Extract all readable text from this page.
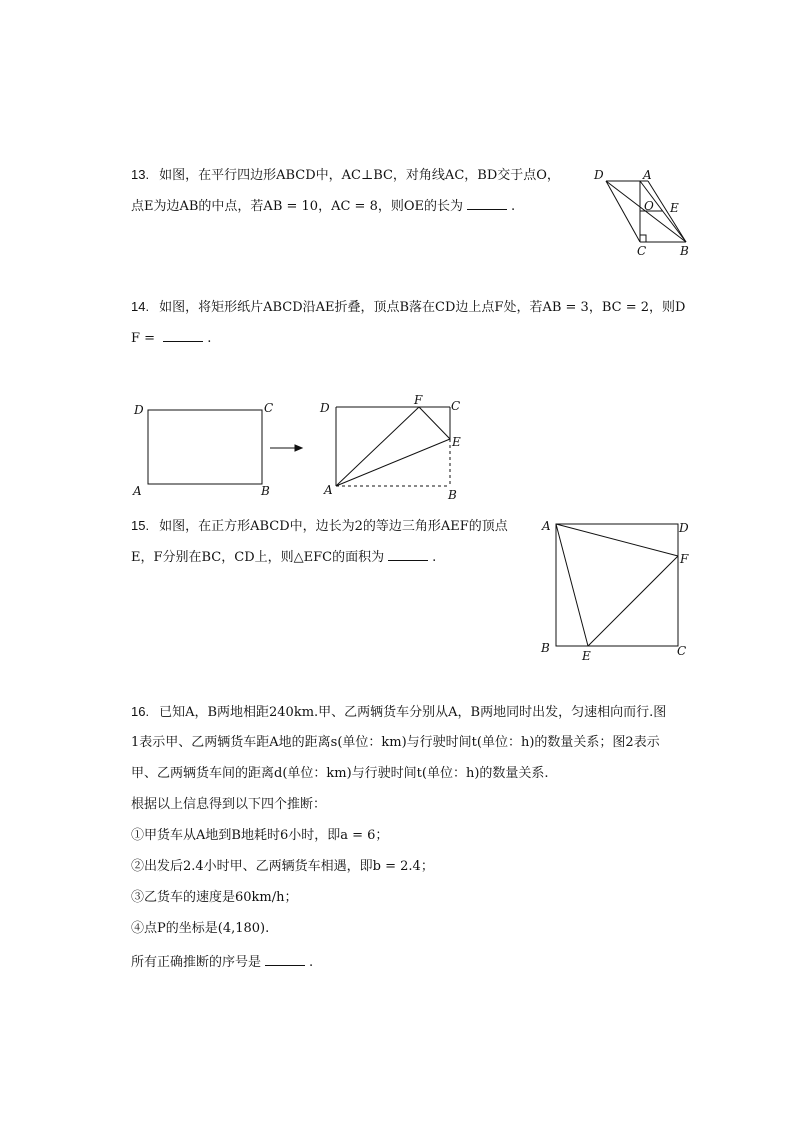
13. 如图，在平行四边形ABCD中，AC⊥BC，对角线AC，BD交于点O，
点E为边AB的中点，若AB = 10，AC = 8，则OE的长为	.
D	A
O E
C	B
14. 如图，将矩形纸片ABCD沿AE折叠，顶点B落在CD边上点F处，若AB = 3，BC = 2，则D
F =	.
D	C
A	B
D
F C
E
A	B
15. 如图，在正方形ABCD中，边长为2的等边三角形AEF的顶点
E，F分别在BC，CD上，则△EFC的面积为	.
A	D
F
B
E	C
16. 已知A，B两地相距240km.甲、乙两辆货车分别从A，B两地同时出发，匀速相向而行.图
1表示甲、乙两辆货车距A地的距离s(单位：km)与行驶时间t(单位：h)的数量关系；图2表示
甲、乙两辆货车间的距离d(单位：km)与行驶时间t(单位：h)的数量关系.
根据以上信息得到以下四个推断：
①甲货车从A地到B地耗时6小时，即a = 6；
②出发后2.4小时甲、乙两辆货车相遇，即b = 2.4；
③乙货车的速度是60km/h；
④点P的坐标是(4,180).
所有正确推断的序号是	.
